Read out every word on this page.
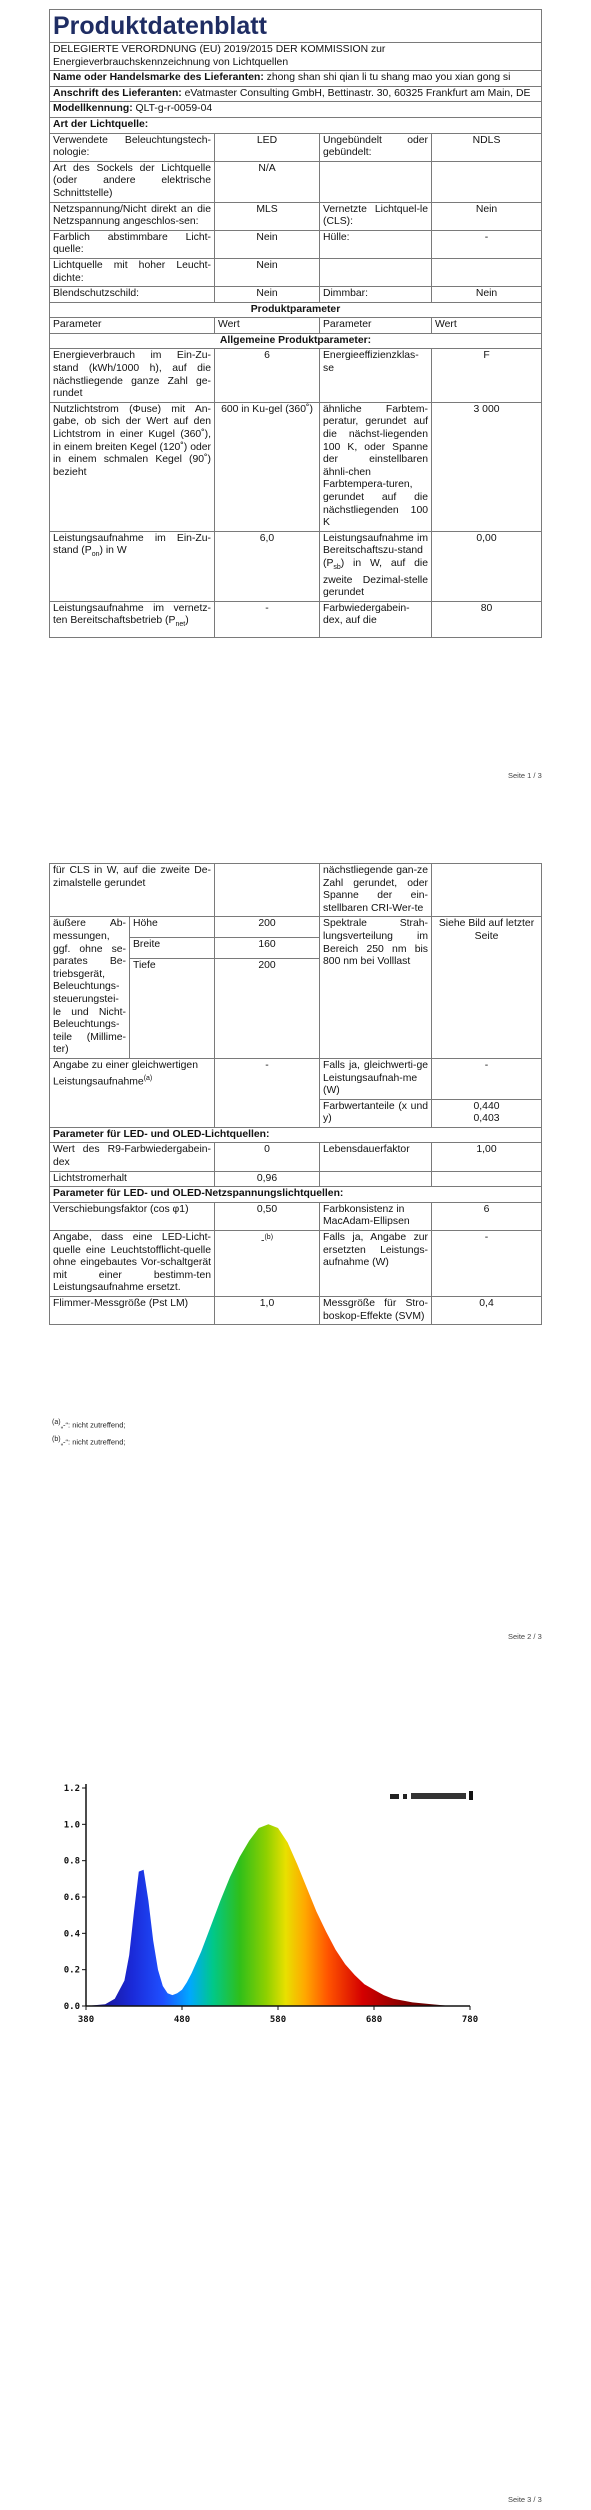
Produktdatenblatt			
DELEGIERTE VERORDNUNG (EU) 2019/2015 DER KOMMISSION zur Energieverbrauchskennzeichnung von Lichtquellen			
Name oder Handelsmarke des Lieferanten: zhong shan shi qian li tu shang mao you xian gong si			
Anschrift des Lieferanten: eVatmaster Consulting GmbH, Bettinastr. 30, 60325 Frankfurt am Main, DE			
Modellkennung: QLT-g-r-0059-04			
Art der Lichtquelle:			
Verwendete Beleuchtungstech-nologie:	LED	Ungebündelt oder gebündelt:	NDLS
Art des Sockels der Lichtquelle (oder andere elektrische Schnittstelle)	N/A		
Netzspannung/Nicht direkt an die Netzspannung angeschlos-sen:	MLS	Vernetzte Lichtquel-le (CLS):	Nein
Farblich abstimmbare Licht-quelle:	Nein	Hülle:	-
Lichtquelle mit hoher Leucht-dichte:	Nein		
Blendschutzschild:	Nein	Dimmbar:	Nein
Produktparameter			
Parameter	Wert	Parameter	Wert
Allgemeine Produktparameter:			
Energieverbrauch im Ein-Zu-stand (kWh/1000 h), auf die nächstliegende ganze Zahl ge-rundet	6	Energieeffizienzklas-se	F
Nutzlichtstrom (Φuse) mit An-gabe, ob sich der Wert auf den Lichtstrom in einer Kugel (360˚), in einem breiten Kegel (120˚) oder in einem schmalen Kegel (90˚) bezieht	600 in Ku-gel (360˚)	ähnliche Farbtem-peratur, gerundet auf die nächst-liegenden 100 K, oder Spanne der einstellbaren ähnli-chen Farbtempera-turen, gerundet auf die nächstliegenden 100 K	3 000
Leistungsaufnahme im Ein-Zu-stand $(P_{on})$ in W	6,0	Leistungsaufnahme im Bereitschaftszu-stand $(P_{sb})$ in W, auf die zweite Dezimal-stelle gerundet	0,00
Leistungsaufnahme im vernetz-ten Bereitschaftsbetrieb $(P_{net})$	-	Farbwiedergabein-dex, auf die	80
Seite 1 / 3
für CLS in W, auf die zweite De-zimalstelle gerundet			nächstliegende gan-ze Zahl gerundet, oder Spanne der ein-stellbaren CRI-Wer-te	
äußere Ab-messungen, ggf. ohne se-parates Be-triebsgerät, Beleuchtungs-steuerungstei-le und Nicht-Beleuchtungs-teile (Millime-ter)	Höhe	200	Spektrale Strah-lungsverteilung im Bereich 250 nm bis 800 nm bei Volllast	Siehe Bild auf letzter Seite
	Breite	160		
	Tiefe	200		
Angabe zu einer gleichwertigen Leistungsaufnahme$^{(a)}$		-	Falls ja, gleichwerti-ge Leistungsaufnah-me (W)	-
			Farbwertanteile (x und y)	0,440
0,403

Parameter für LED- und OLED-Lichtquellen:				
Wert des R9-Farbwiedergabein-dex		0	Lebensdauerfaktor	1,00
Lichtstromerhalt		0,96		
Parameter für LED- und OLED-Netzspannungslichtquellen:				
Verschiebungsfaktor (cos φ1)		0,50	Farbkonsistenz in MacAdam-Ellipsen	6
Angabe, dass eine LED-Licht-quelle eine Leuchtstofflicht-quelle ohne eingebautes Vor-schaltgerät mit einer bestimm-ten Leistungsaufnahme ersetzt.		-$^{(b)}$	Falls ja, Angabe zur ersetzten Leistungs-aufnahme (W)	-
Flimmer-Messgröße (Pst LM)		1,0	Messgröße für Stro-boskop-Effekte (SVM)	0,4
(a)„-“: nicht zutreffend;
(b)„-“: nicht zutreffend;
Seite 2 / 3
380	480	580	680	780
0.0
0.2
0.4
0.6
0.8
1.0
1.2
Seite 3 / 3
